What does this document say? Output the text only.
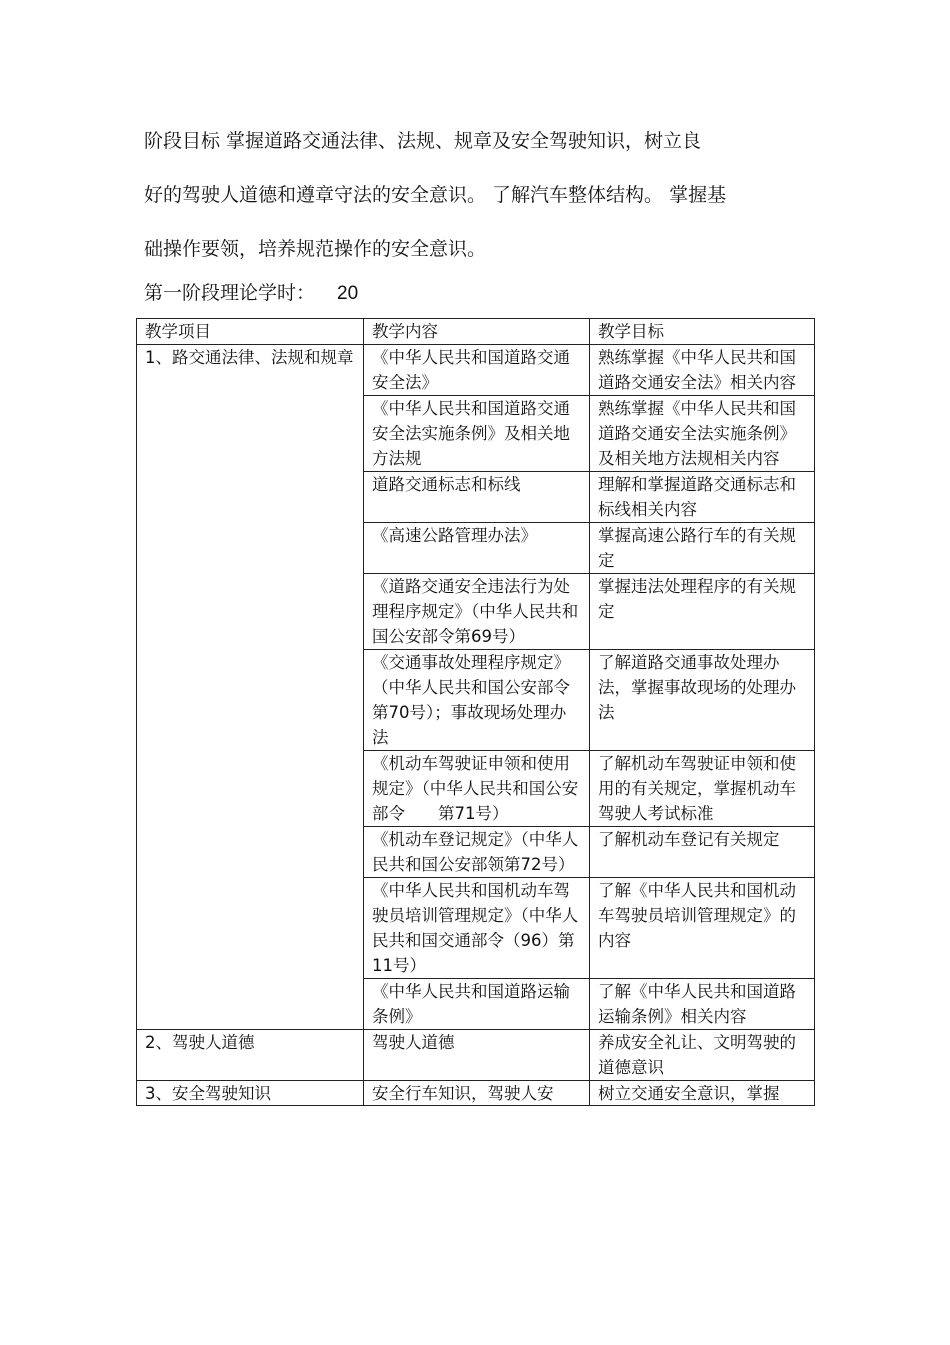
阶段目标 掌握道路交通法律、法规、规章及安全驾驶知识，树立良
好的驾驶人道德和遵章守法的安全意识。 了解汽车整体结构。 掌握基
础操作要领，培养规范操作的安全意识。
第一阶段理论学时： 20
教学项目	教学内容	教学目标
1、路交通法律、法规和规章	《中华人民共和国道路交通安全法》	熟练掌握《中华人民共和国道路交通安全法》相关内容
	《中华人民共和国道路交通安全法实施条例》及相关地方法规	熟练掌握《中华人民共和国道路交通安全法实施条例》及相关地方法规相关内容
	道路交通标志和标线	理解和掌握道路交通标志和标线相关内容
	《高速公路管理办法》	掌握高速公路行车的有关规定
	《道路交通安全违法行为处理程序规定》（中华人民共和国公安部令第69号）	掌握违法处理程序的有关规定
	《交通事故处理程序规定》（中华人民共和国公安部令　第70号）；事故现场处理办法	了解道路交通事故处理办法，掌握事故现场的处理办法
	《机动车驾驶证申领和使用规定》（中华人民共和国公安部令　　第71号）	了解机动车驾驶证申领和使用的有关规定，掌握机动车驾驶人考试标准
	《机动车登记规定》（中华人民共和国公安部领第72号）	了解机动车登记有关规定
	《中华人民共和国机动车驾驶员培训管理规定》（中华人民共和国交通部令（96）第11号）	了解《中华人民共和国机动车驾驶员培训管理规定》的内容
	《中华人民共和国道路运输条例》	了解《中华人民共和国道路运输条例》相关内容
2、驾驶人道德	驾驶人道德	养成安全礼让、文明驾驶的道德意识

3、安全驾驶知识	安全行车知识，驾驶人安	树立交通安全意识，掌握
